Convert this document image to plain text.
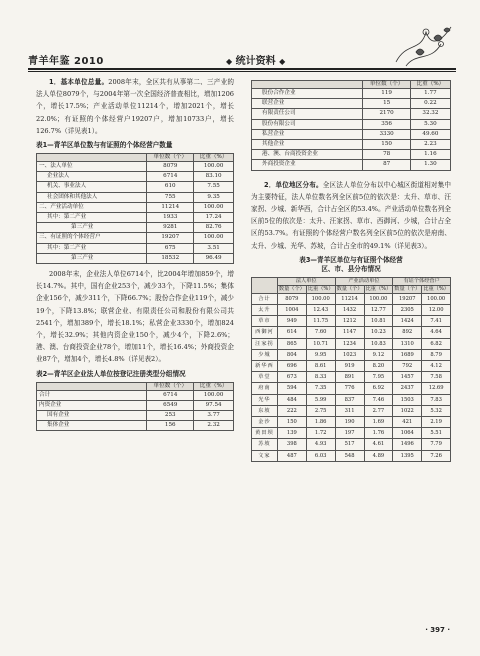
青羊年鉴 2010	◆ 统计资料 ◆

1．基本单位总量。2008年末，全区共有从事第二、三产业的法人单位8079个，与2004年第一次全国经济普查相比，增加1206个，增长17.5%；产业活动单位11214个，增加2021个，增长22.0%；有证照的个体经营户19207户，增加10733户，增长126.7%（详见表1）。

表1—青羊区单位数与有证照的个体经营户数量
	单位数（个）	比重（%）
一、法人单位	8079	100.00
企业法人	6714	83.10
机关、事业法人	610	7.55
社会团体和其他法人	755	9.35
二、产业活动单位	11214	100.00
其中：第二产业	1933	17.24
第三产业	9281	82.76
三、有证照的个体经营户	19207	100.00
其中：第二产业	675	3.51
第三产业	18532	96.49

2008年末，企业法人单位6714个，比2004年增加859个，增长14.7%。其中，国有企业253个，减少33个，下降11.5%；集体企业156个，减少311个，下降66.7%；股份合作企业119个，减少19个，下降13.8%；联营企业、有限责任公司和股份有限公司共2541个，增加389个，增长18.1%；私营企业3330个，增加824个，增长32.9%；其他内资企业150个，减少4个，下降2.6%；港、澳、台商投资企业78个，增加11个，增长16.4%；外商投资企业87个，增加4个，增长4.8%（详见表2）。

表2—青羊区企业法人单位按登记注册类型分组情况
	单位数（个）	比重（%）
合计	6714	100.00
内资企业	6549	97.54
国有企业	253	3.77
集体企业	156	2.32
	单位数（个）	比重（%）
股份合作企业	119	1.77
联营企业	15	0.22
有限责任公司	2170	32.32
股份有限公司	356	5.30
私营企业	3330	49.60
其他企业	150	2.23
港、澳、台商投资企业	78	1.16
外商投资企业	87	1.30

2．单位地区分布。全区法人单位分布以中心城区街道相对集中为主要特征，法人单位数名列全区前5位的依次是：太升、草市、汪家拐、少城、新华西，合计占全区的53.4%。产业活动单位数名列全区前5位的依次是：太升、汪家拐、草市、西御河、少城，合计占全区的53.7%。有证照的个体经营户数名列全区前5位的依次是府南、太升、少城、光华、苏坡，合计占全市的49.1%（详见表3）。

表3—青羊区单位与有证照个体经营
区、市、县分布情况
	法人单位		产业活动单位		有证个体经营户	
	数量（个）	比重（%）	数量（个）	比重（%）	数量（个）	比重（%）
合计	8079	100.00	11214	100.00	19207	100.00
太升	1004	12.43	1432	12.77	2305	12.00
草市	949	11.75	1212	10.81	1424	7.41
西御河	614	7.60	1147	10.23	892	4.64
汪家拐	865	10.71	1234	10.83	1310	6.82
少城	804	9.95	1023	9.12	1689	8.79
新华西	696	8.61	919	8.20	792	4.12
草堂	673	8.33	891	7.95	1457	7.58
府南	594	7.35	776	6.92	2437	12.69
光华	484	5.99	837	7.46	1503	7.83
东坡	222	2.75	311	2.77	1022	5.32
金沙	150	1.86	190	1.69	421	2.19
黄田坝	139	1.72	197	1.76	1064	5.51
苏坡	398	4.93	517	4.61	1496	7.79
文家	487	6.03	548	4.89	1395	7.26
· 397 ·
